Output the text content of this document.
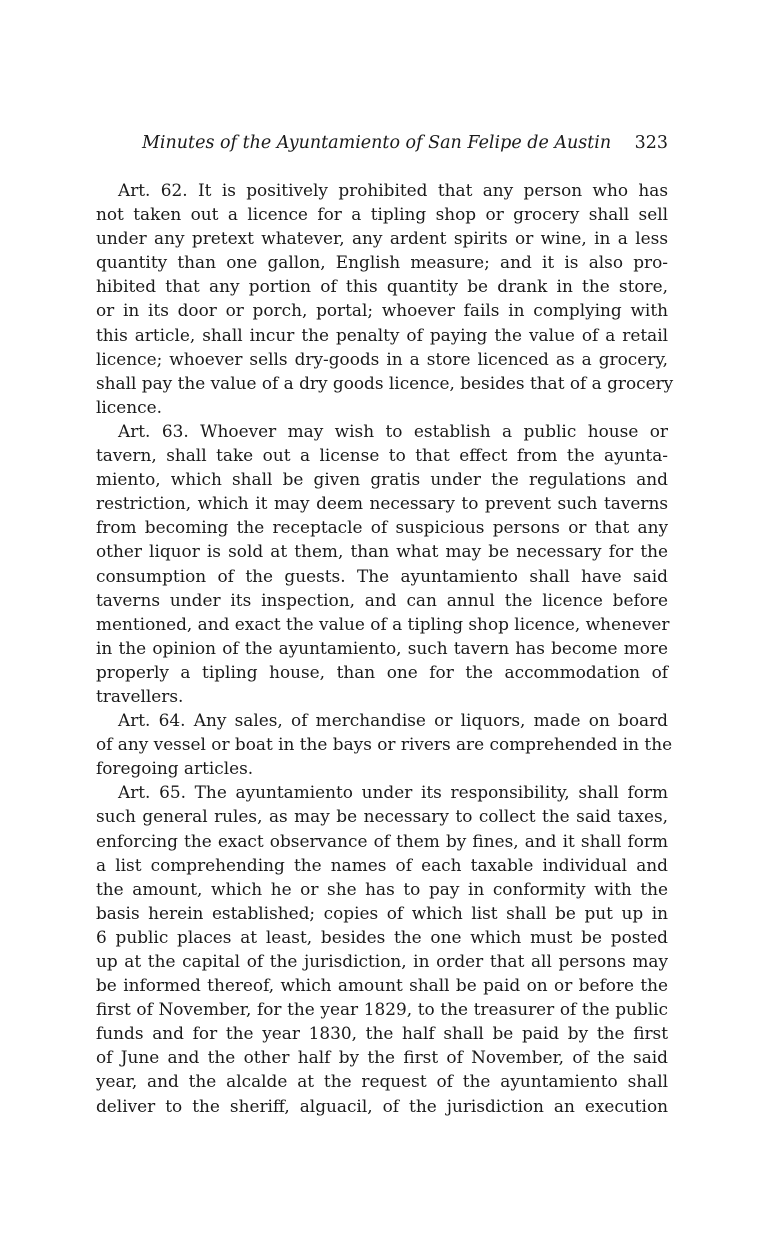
Minutes of the Ayuntamiento of San Felipe de Austin 323
Art. 62. It is positively prohibited that any person who has
not taken out a licence for a tipling shop or grocery shall sell
under any pretext whatever, any ardent spirits or wine, in a less
quantity than one gallon, English measure; and it is also pro-
hibited that any portion of this quantity be drank in the store,
or in its door or porch, portal; whoever fails in complying with
this article, shall incur the penalty of paying the value of a retail
licence; whoever sells dry-goods in a store licenced as a grocery,
shall pay the value of a dry goods licence, besides that of a grocery
licence.
Art. 63. Whoever may wish to establish a public house or
tavern, shall take out a license to that effect from the ayunta-
miento, which shall be given gratis under the regulations and
restriction, which it may deem necessary to prevent such taverns
from becoming the receptacle of suspicious persons or that any
other liquor is sold at them, than what may be necessary for the
consumption of the guests. The ayuntamiento shall have said
taverns under its inspection, and can annul the licence before
mentioned, and exact the value of a tipling shop licence, whenever
in the opinion of the ayuntamiento, such tavern has become more
properly a tipling house, than one for the accommodation of
travellers.
Art. 64. Any sales, of merchandise or liquors, made on board
of any vessel or boat in the bays or rivers are comprehended in the
foregoing articles.
Art. 65. The ayuntamiento under its responsibility, shall form
such general rules, as may be necessary to collect the said taxes,
enforcing the exact observance of them by fines, and it shall form
a list comprehending the names of each taxable individual and
the amount, which he or she has to pay in conformity with the
basis herein established; copies of which list shall be put up in
6 public places at least, besides the one which must be posted
up at the capital of the jurisdiction, in order that all persons may
be informed thereof, which amount shall be paid on or before the
first of November, for the year 1829, to the treasurer of the public
funds and for the year 1830, the half shall be paid by the first
of June and the other half by the first of November, of the said
year, and the alcalde at the request of the ayuntamiento shall
deliver to the sheriff, alguacil, of the jurisdiction an execution
